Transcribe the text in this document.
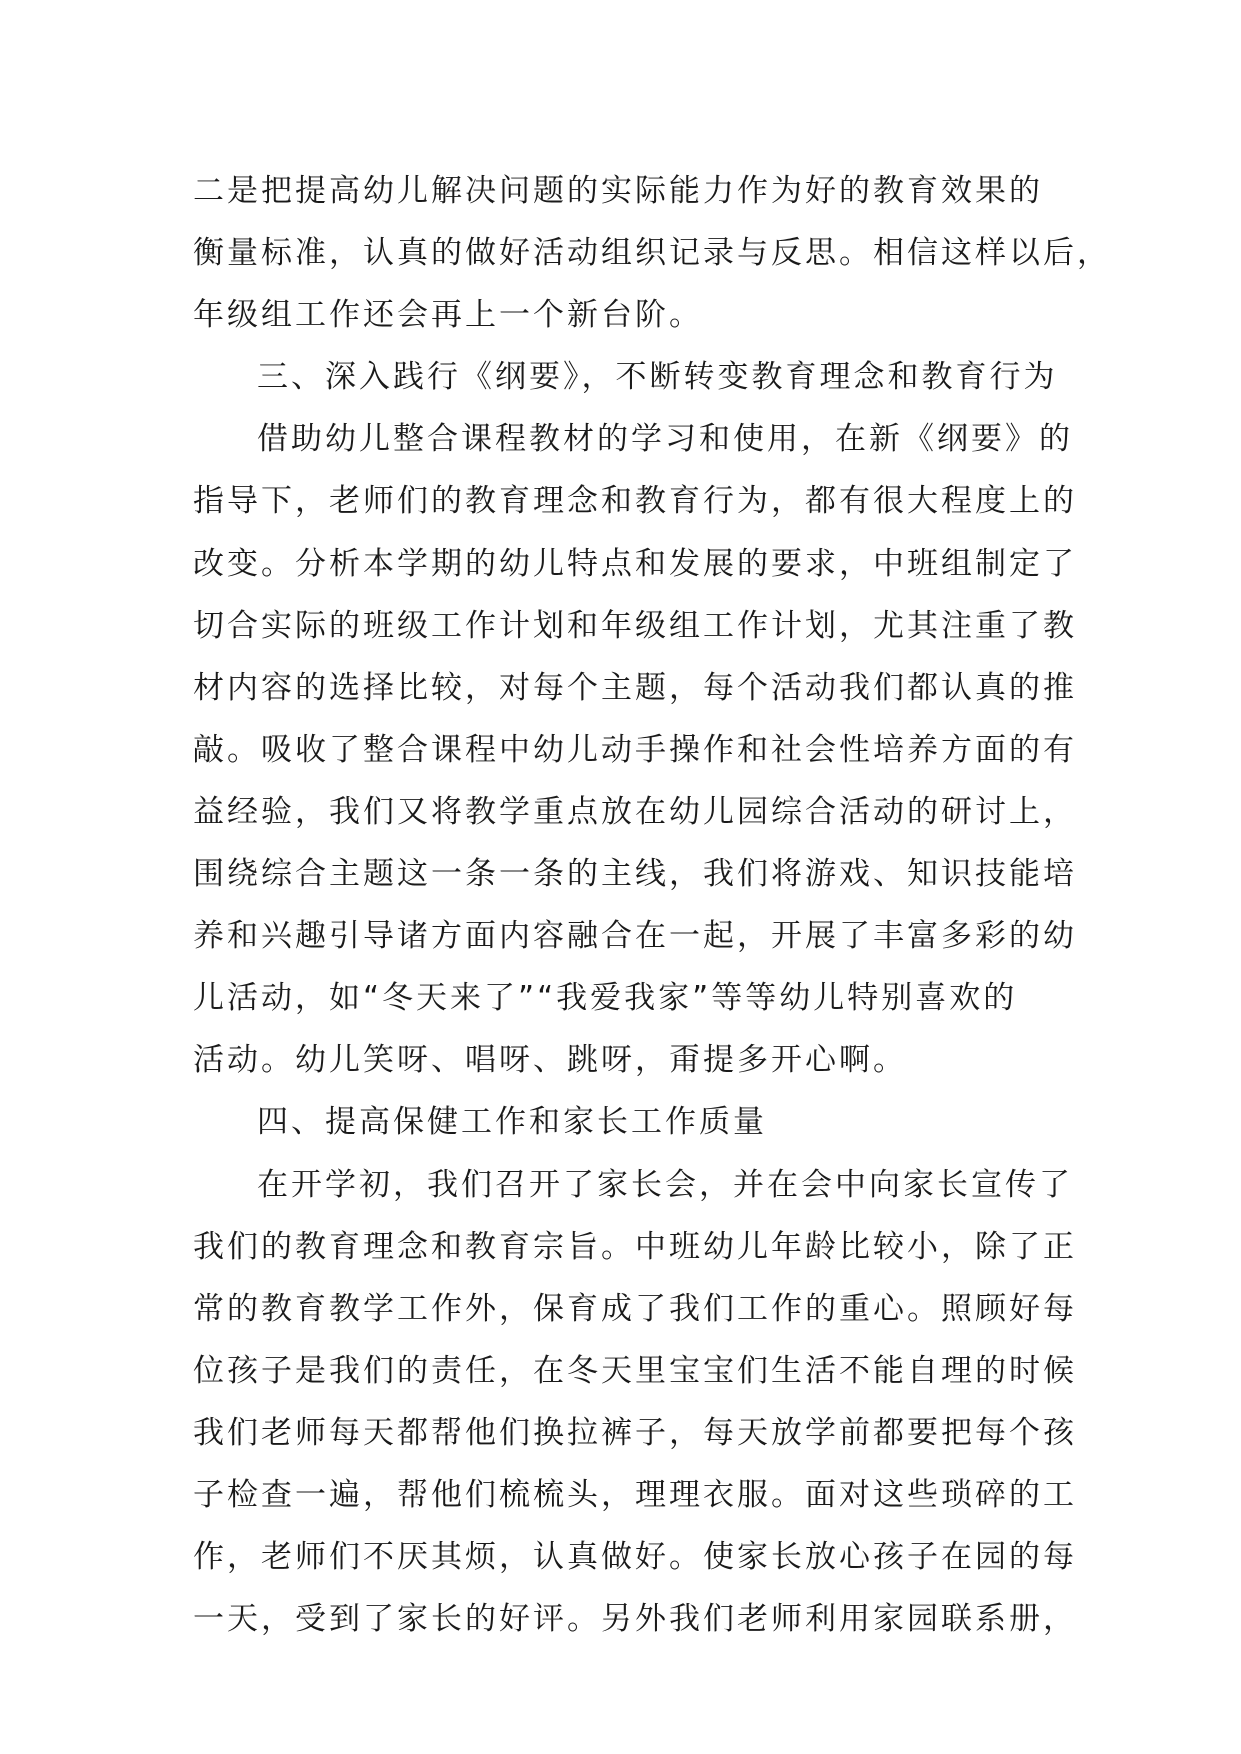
二是把提高幼儿解决问题的实际能力作为好的教育效果的
衡量标准，认真的做好活动组织记录与反思。相信这样以后，
年级组工作还会再上一个新台阶。
三、深入践行《纲要》，不断转变教育理念和教育行为
借助幼儿整合课程教材的学习和使用，在新《纲要》的
指导下，老师们的教育理念和教育行为，都有很大程度上的
改变。分析本学期的幼儿特点和发展的要求，中班组制定了
切合实际的班级工作计划和年级组工作计划，尤其注重了教
材内容的选择比较，对每个主题，每个活动我们都认真的推
敲。吸收了整合课程中幼儿动手操作和社会性培养方面的有
益经验，我们又将教学重点放在幼儿园综合活动的研讨上，
围绕综合主题这一条一条的主线，我们将游戏、知识技能培
养和兴趣引导诸方面内容融合在一起，开展了丰富多彩的幼
儿活动，如“冬天来了”“我爱我家”等等幼儿特别喜欢的
活动。幼儿笑呀、唱呀、跳呀，甭提多开心啊。
四、提高保健工作和家长工作质量
在开学初，我们召开了家长会，并在会中向家长宣传了
我们的教育理念和教育宗旨。中班幼儿年龄比较小，除了正
常的教育教学工作外，保育成了我们工作的重心。照顾好每
位孩子是我们的责任，在冬天里宝宝们生活不能自理的时候
我们老师每天都帮他们换拉裤子，每天放学前都要把每个孩
子检查一遍，帮他们梳梳头，理理衣服。面对这些琐碎的工
作，老师们不厌其烦，认真做好。使家长放心孩子在园的每
一天，受到了家长的好评。另外我们老师利用家园联系册，
